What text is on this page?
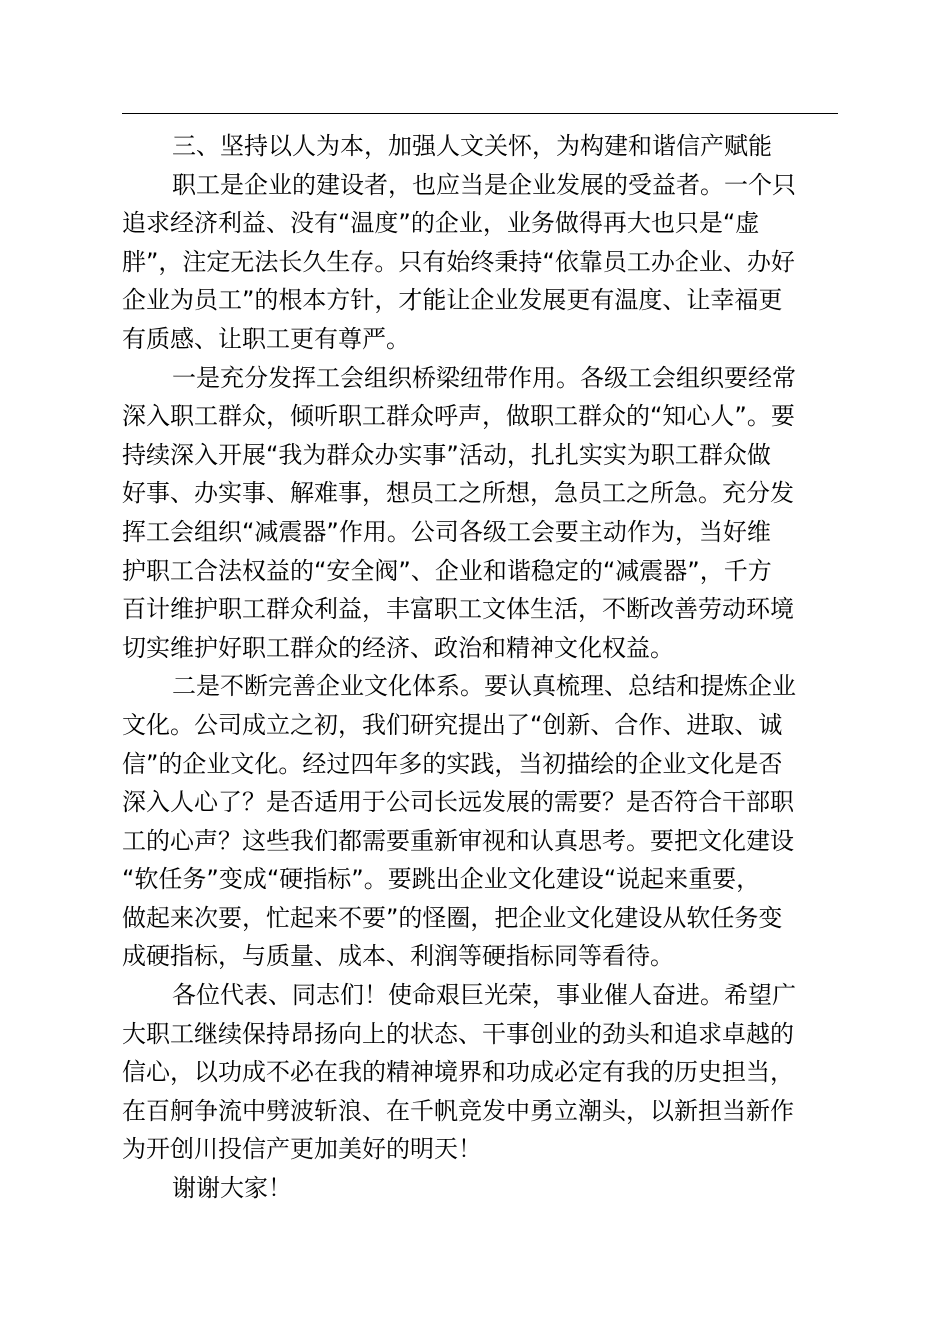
三、坚持以人为本，加强人文关怀，为构建和谐信产赋能
职工是企业的建设者，也应当是企业发展的受益者。一个只
追求经济利益、没有“温度”的企业，业务做得再大也只是“虚
胖”，注定无法长久生存。只有始终秉持“依靠员工办企业、办好
企业为员工”的根本方针，才能让企业发展更有温度、让幸福更
有质感、让职工更有尊严。
一是充分发挥工会组织桥梁纽带作用。各级工会组织要经常
深入职工群众，倾听职工群众呼声，做职工群众的“知心人”。要
持续深入开展“我为群众办实事”活动，扎扎实实为职工群众做
好事、办实事、解难事，想员工之所想，急员工之所急。充分发
挥工会组织“减震器”作用。公司各级工会要主动作为，当好维
护职工合法权益的“安全阀”、企业和谐稳定的“减震器”，千方
百计维护职工群众利益，丰富职工文体生活，不断改善劳动环境
切实维护好职工群众的经济、政治和精神文化权益。
二是不断完善企业文化体系。要认真梳理、总结和提炼企业
文化。公司成立之初，我们研究提出了“创新、合作、进取、诚
信”的企业文化。经过四年多的实践，当初描绘的企业文化是否
深入人心了？是否适用于公司长远发展的需要？是否符合干部职
工的心声？这些我们都需要重新审视和认真思考。要把文化建设
“软任务”变成“硬指标”。要跳出企业文化建设“说起来重要，
做起来次要，忙起来不要”的怪圈，把企业文化建设从软任务变
成硬指标，与质量、成本、利润等硬指标同等看待。
各位代表、同志们！使命艰巨光荣，事业催人奋进。希望广
大职工继续保持昂扬向上的状态、干事创业的劲头和追求卓越的
信心，以功成不必在我的精神境界和功成必定有我的历史担当，
在百舸争流中劈波斩浪、在千帆竞发中勇立潮头，以新担当新作
为开创川投信产更加美好的明天！
谢谢大家！
